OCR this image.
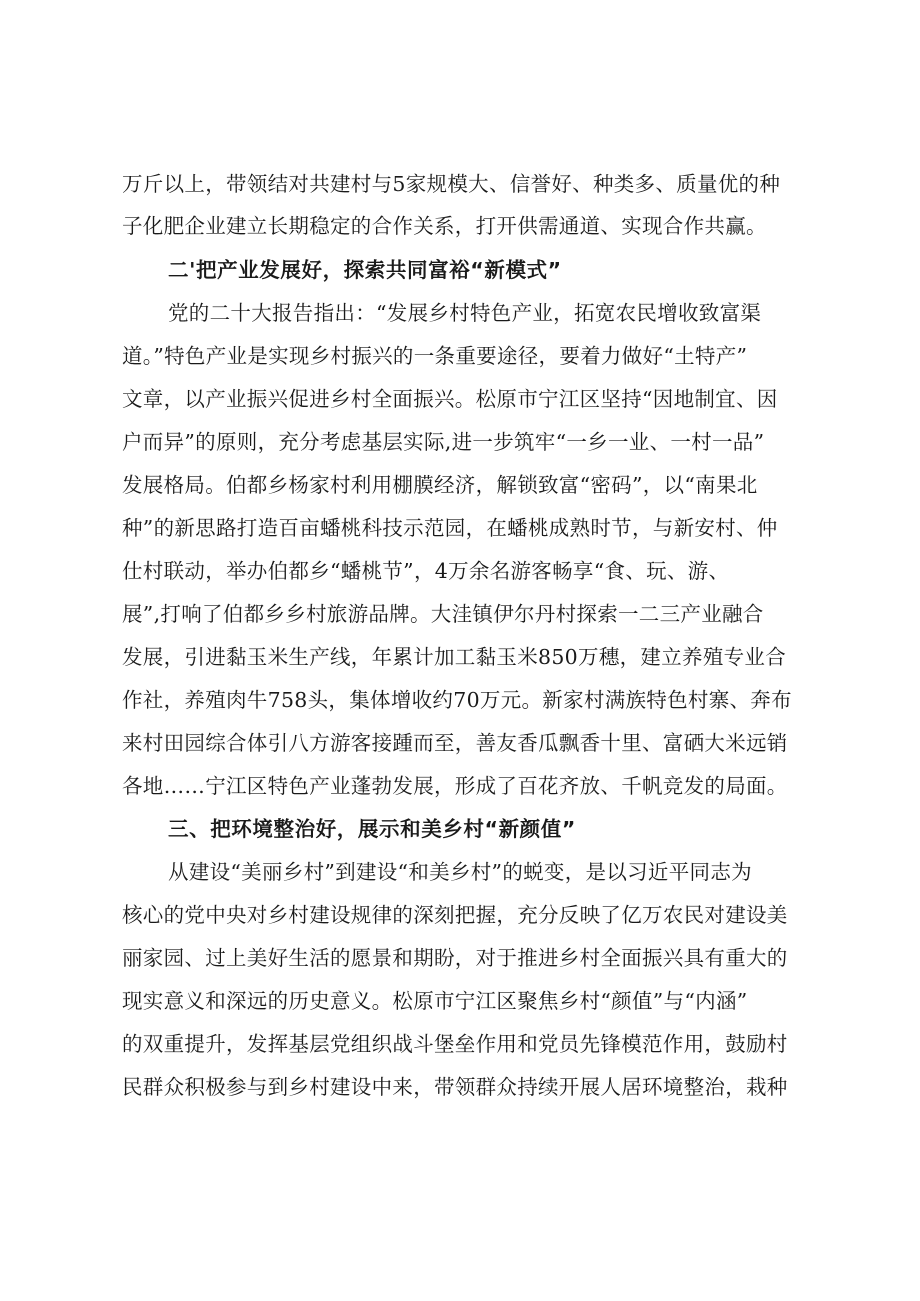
万斤以上，带领结对共建村与5家规模大、信誉好、种类多、质量优的种
子化肥企业建立长期稳定的合作关系，打开供需通道、实现合作共赢。
二'把产业发展好，探索共同富裕“新模式”
党的二十大报告指出：“发展乡村特色产业，拓宽农民增收致富渠
道。”特色产业是实现乡村振兴的一条重要途径，要着力做好“土特产”
文章，以产业振兴促进乡村全面振兴。松原市宁江区坚持“因地制宜、因
户而异”的原则，充分考虑基层实际,进一步筑牢“一乡一业、一村一品”
发展格局。伯都乡杨家村利用棚膜经济，解锁致富“密码”，以“南果北
种”的新思路打造百亩蟠桃科技示范园，在蟠桃成熟时节，与新安村、仲
仕村联动，举办伯都乡“蟠桃节”，4万余名游客畅享“食、玩、游、
展”,打响了伯都乡乡村旅游品牌。大洼镇伊尔丹村探索一二三产业融合
发展，引进黏玉米生产线，年累计加工黏玉米850万穗，建立养殖专业合
作社，养殖肉牛758头，集体增收约70万元。新家村满族特色村寨、奔布
来村田园综合体引八方游客接踵而至，善友香瓜飘香十里、富硒大米远销
各地……宁江区特色产业蓬勃发展，形成了百花齐放、千帆竞发的局面。
三、把环境整治好，展示和美乡村“新颜值”
从建设“美丽乡村”到建设“和美乡村”的蜕变，是以习近平同志为
核心的党中央对乡村建设规律的深刻把握，充分反映了亿万农民对建设美
丽家园、过上美好生活的愿景和期盼，对于推进乡村全面振兴具有重大的
现实意义和深远的历史意义。松原市宁江区聚焦乡村“颜值”与“内涵”
的双重提升，发挥基层党组织战斗堡垒作用和党员先锋模范作用，鼓励村
民群众积极参与到乡村建设中来，带领群众持续开展人居环境整治，栽种
